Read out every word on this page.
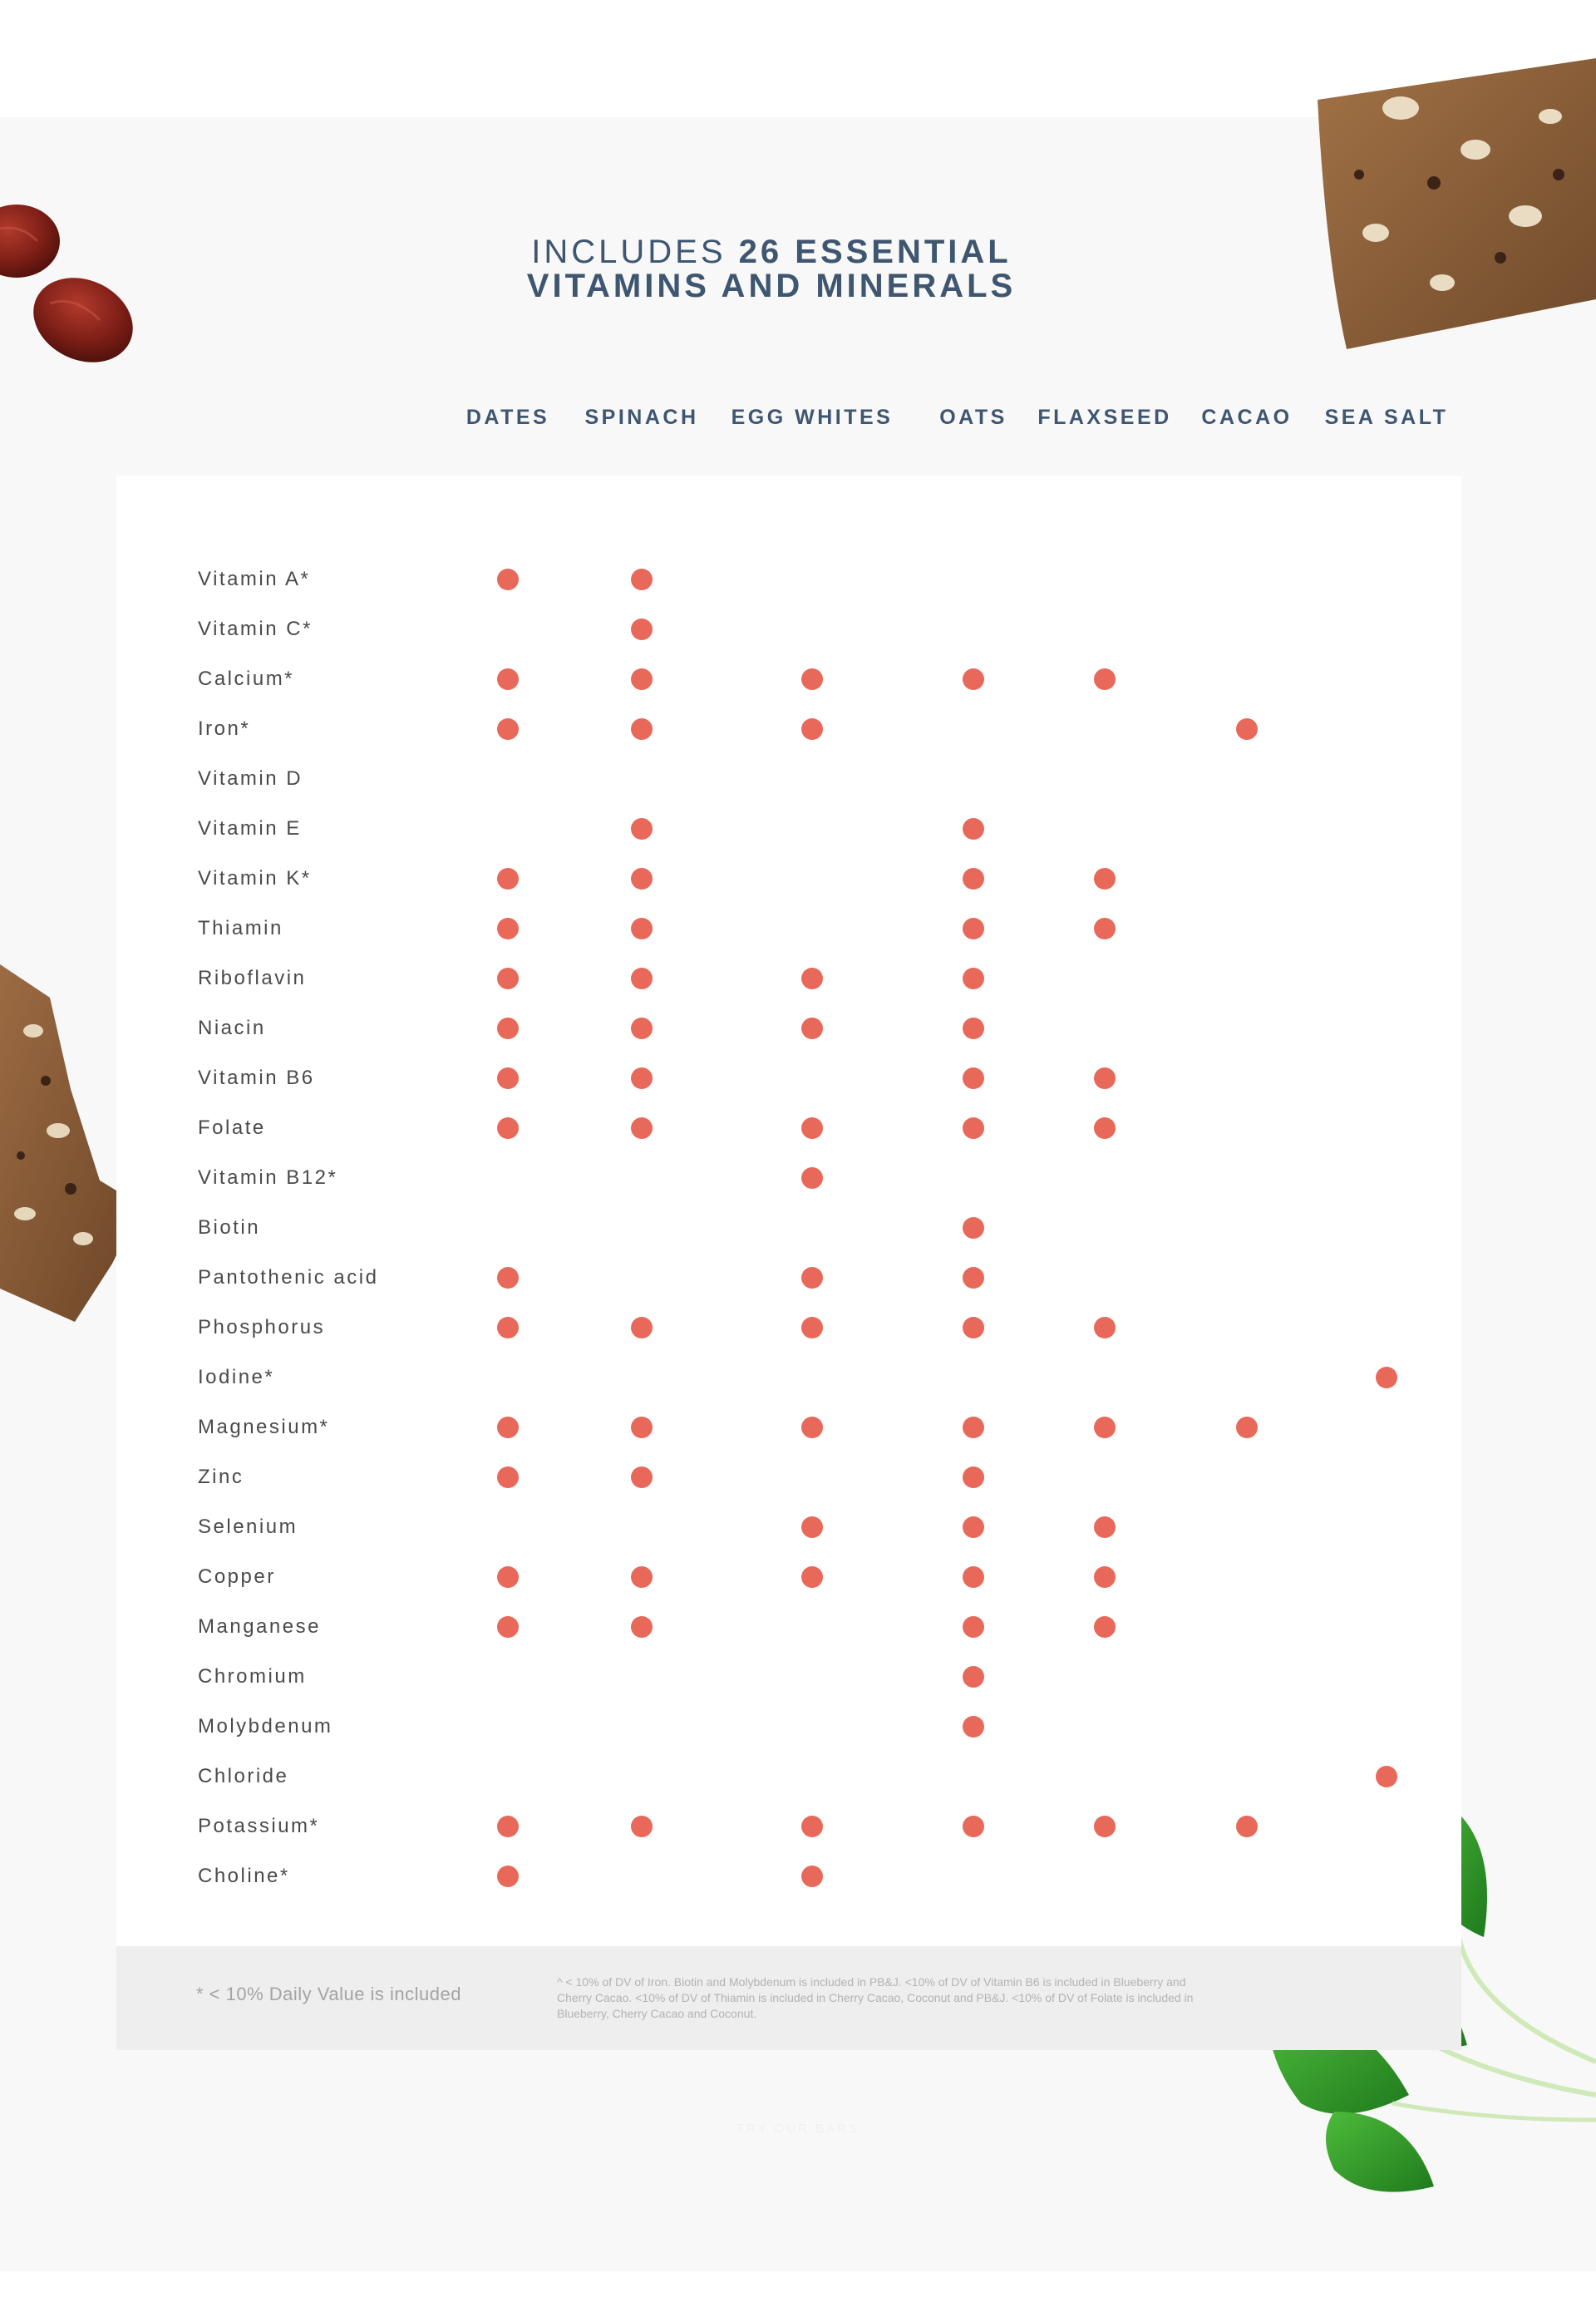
INCLUDES 26 ESSENTIAL
VITAMINS AND MINERALS
DATES SPINACH EGG WHITES OATS FLAXSEED CACAO SEA SALT
Vitamin A*
Vitamin C*
Calcium*
Iron*
Vitamin D
Vitamin E
Vitamin K*
Thiamin
Riboflavin
Niacin
Vitamin B6
Folate
Vitamin B12*
Biotin
Pantothenic acid
Phosphorus
Iodine*
Magnesium*
Zinc
Selenium
Copper
Manganese
Chromium
Molybdenum
Chloride
Potassium*
Choline*
* < 10% Daily Value is included
^ < 10% of DV of Iron. Biotin and Molybdenum is included in PB&J. <10% of DV of Vitamin B6 is included in Blueberry and Cherry Cacao. <10% of DV of Thiamin is included in Cherry Cacao, Coconut and PB&J. <10% of DV of Folate is included in Blueberry, Cherry Cacao and Coconut.
TRY OUR BARS
